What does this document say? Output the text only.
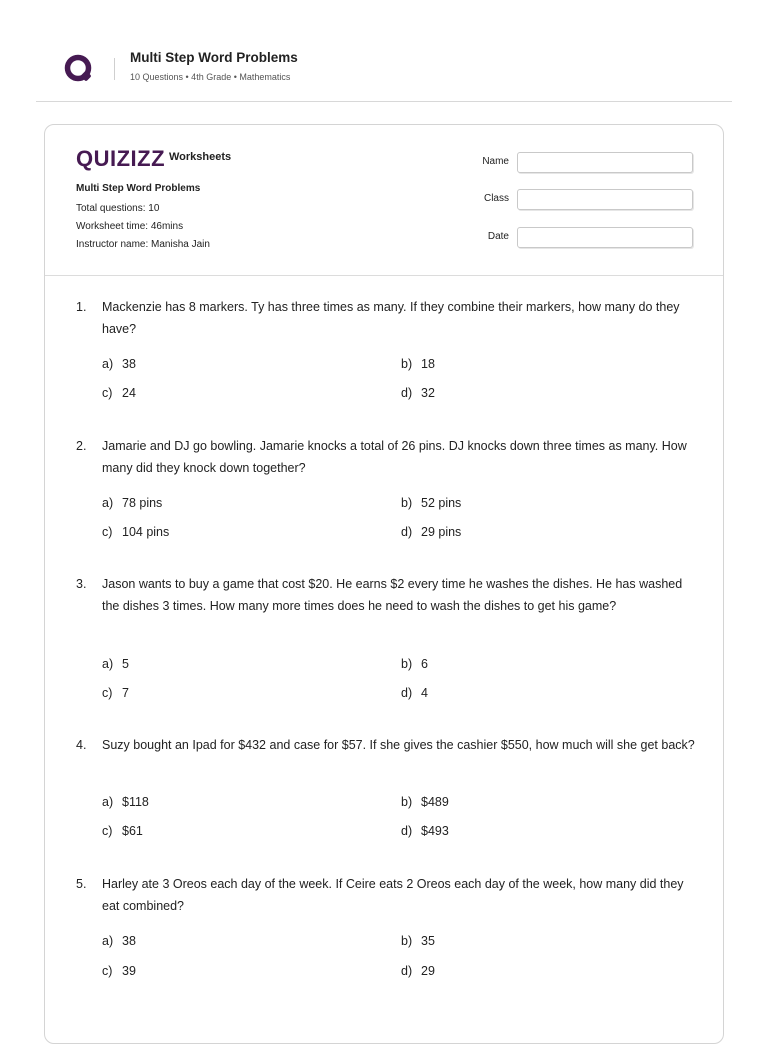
Multi Step Word Problems
10 Questions • 4th Grade • Mathematics
QUIZIZZ Worksheets
Multi Step Word Problems
Total questions: 10
Worksheet time: 46mins
Instructor name: Manisha Jain
Name
Class
Date
1. Mackenzie has 8 markers. Ty has three times as many. If they combine their markers, how many do they have?
a) 38	b) 18
c) 24	d) 32
2. Jamarie and DJ go bowling. Jamarie knocks a total of 26 pins. DJ knocks down three times as many. How many did they knock down together?
a) 78 pins	b) 52 pins
c) 104 pins	d) 29 pins
3. Jason wants to buy a game that cost $20. He earns $2 every time he washes the dishes. He has washed the dishes 3 times. How many more times does he need to wash the dishes to get his game?
a) 5	b) 6
c) 7	d) 4
4. Suzy bought an Ipad for $432 and case for $57. If she gives the cashier $550, how much will she get back?
a) $118	b) $489
c) $61	d) $493
5. Harley ate 3 Oreos each day of the week. If Ceire eats 2 Oreos each day of the week, how many did they eat combined?
a) 38	b) 35
c) 39	d) 29
